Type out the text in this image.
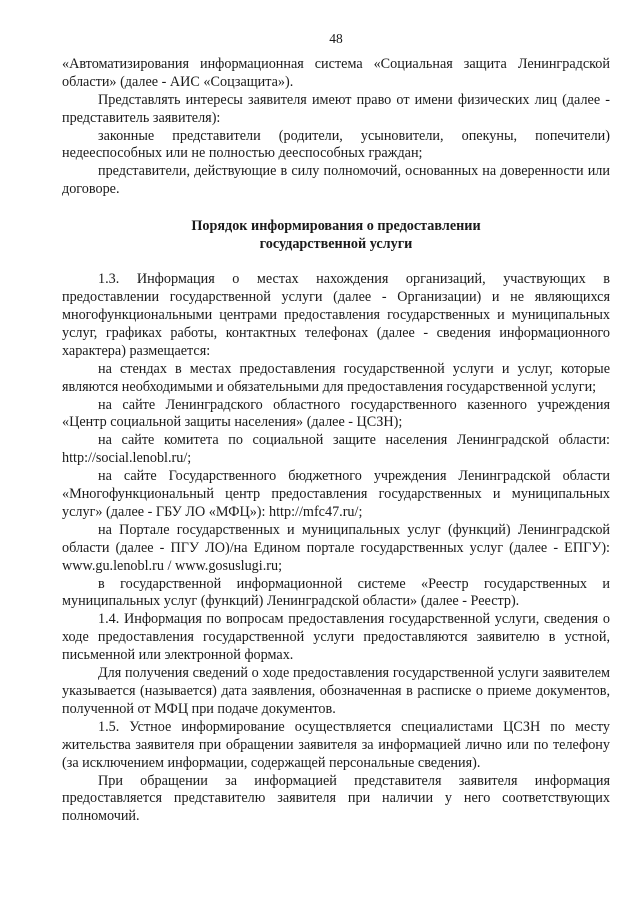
48

«Автоматизирования информационная система «Социальная защита Ленинградской области» (далее - АИС «Соцзащита»).

Представлять интересы заявителя имеют право от имени физических лиц (далее - представитель заявителя):

законные представители (родители, усыновители, опекуны, попечители) недееспособных или не полностью дееспособных граждан;

представители, действующие в силу полномочий, основанных на доверенности или договоре.

Порядок информирования о предоставлении
государственной услуги

1.3. Информация о местах нахождения организаций, участвующих в предоставлении государственной услуги (далее - Организации) и не являющихся многофункциональными центрами предоставления государственных и муниципальных услуг, графиках работы, контактных телефонах (далее - сведения информационного характера) размещается:

на стендах в местах предоставления государственной услуги и услуг, которые являются необходимыми и обязательными для предоставления государственной услуги;

на сайте Ленинградского областного государственного казенного учреждения «Центр социальной защиты населения» (далее - ЦСЗН);

на сайте комитета по социальной защите населения Ленинградской области: http://social.lenobl.ru/;

на сайте Государственного бюджетного учреждения Ленинградской области «Многофункциональный центр предоставления государственных и муниципальных услуг» (далее - ГБУ ЛО «МФЦ»): http://mfc47.ru/;

на Портале государственных и муниципальных услуг (функций) Ленинградской области (далее - ПГУ ЛО)/на Едином портале государственных услуг (далее - ЕПГУ): www.gu.lenobl.ru / www.gosuslugi.ru;

в государственной информационной системе «Реестр государственных и муниципальных услуг (функций) Ленинградской области» (далее - Реестр).

1.4. Информация по вопросам предоставления государственной услуги, сведения о ходе предоставления государственной услуги предоставляются заявителю в устной, письменной или электронной формах.

Для получения сведений о ходе предоставления государственной услуги заявителем указывается (называется) дата заявления, обозначенная в расписке о приеме документов, полученной от МФЦ при подаче документов.

1.5. Устное информирование осуществляется специалистами ЦСЗН по месту жительства заявителя при обращении заявителя за информацией лично или по телефону (за исключением информации, содержащей персональные сведения).

При обращении за информацией представителя заявителя информация предоставляется представителю заявителя при наличии у него соответствующих полномочий.
